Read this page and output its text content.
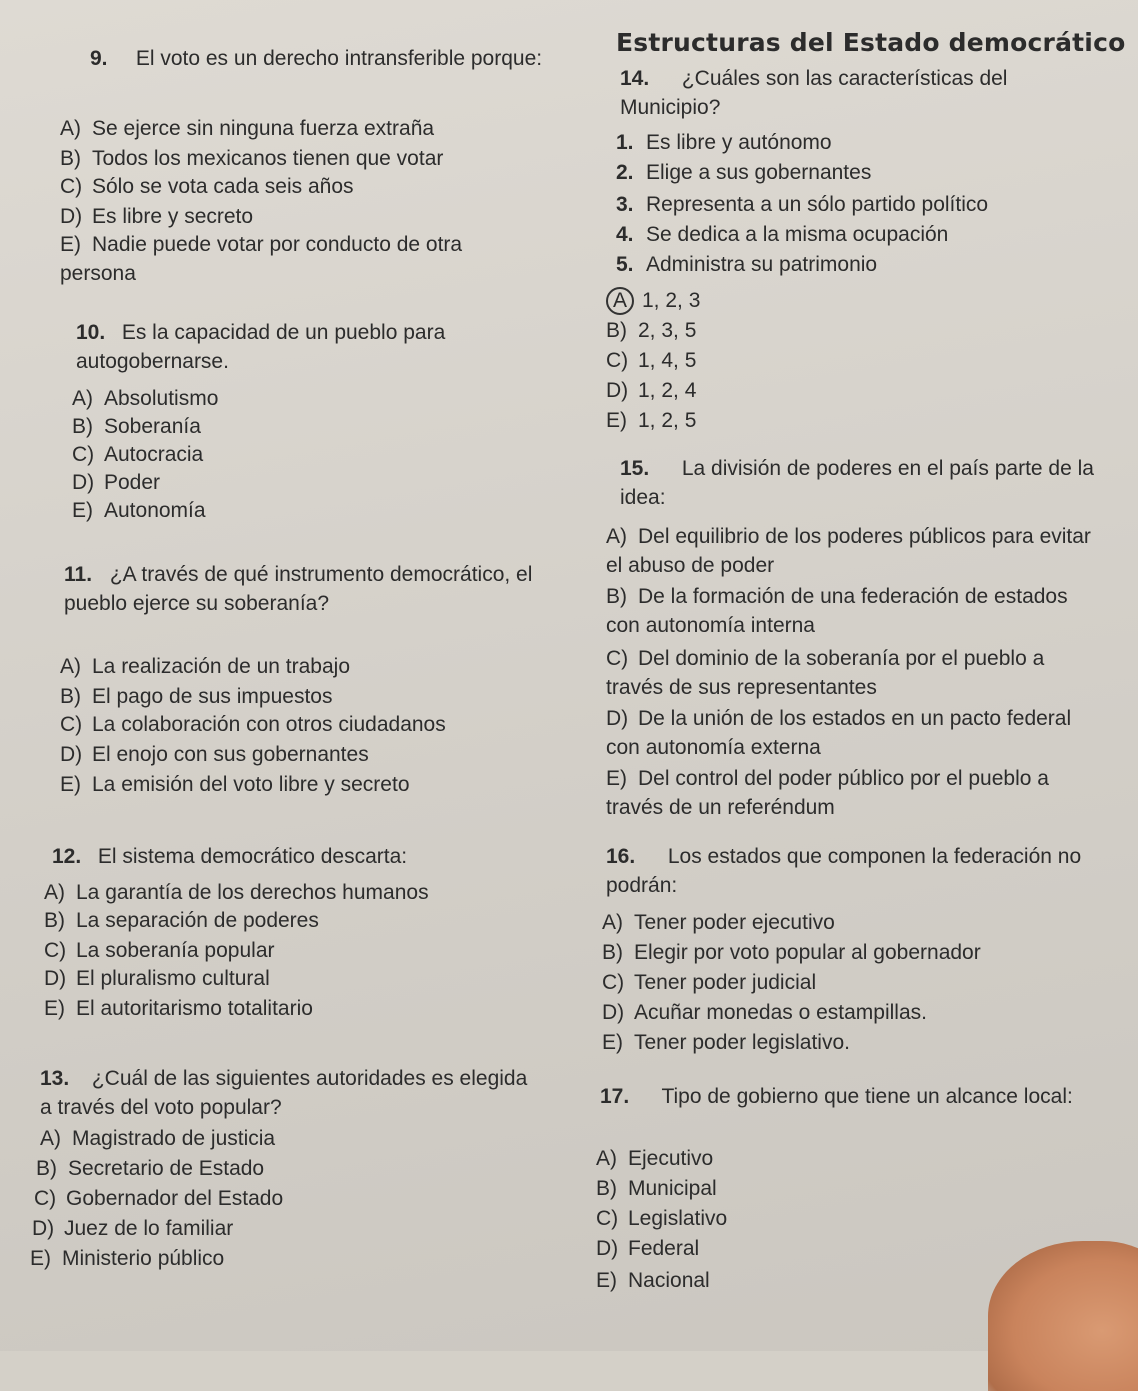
9. El voto es un derecho intransferible porque:
A) Se ejerce sin ninguna fuerza extraña
B) Todos los mexicanos tienen que votar
C) Sólo se vota cada seis años
D) Es libre y secreto
E) Nadie puede votar por conducto de otra persona
10. Es la capacidad de un pueblo para autogobernarse.
A) Absolutismo
B) Soberanía
C) Autocracia
D) Poder
E) Autonomía
11. ¿A través de qué instrumento democrático, el pueblo ejerce su soberanía?
A) La realización de un trabajo
B) El pago de sus impuestos
C) La colaboración con otros ciudadanos
D) El enojo con sus gobernantes
E) La emisión del voto libre y secreto
12. El sistema democrático descarta:
A) La garantía de los derechos humanos
B) La separación de poderes
C) La soberanía popular
D) El pluralismo cultural
E) El autoritarismo totalitario
13. ¿Cuál de las siguientes autoridades es elegida a través del voto popular?
A) Magistrado de justicia
B) Secretario de Estado
C) Gobernador del Estado
D) Juez de lo familiar
E) Ministerio público
Estructuras del Estado democrático
14. ¿Cuáles son las características del Municipio?
1. Es libre y autónomo
2. Elige a sus gobernantes
3. Representa a un sólo partido político
4. Se dedica a la misma ocupación
5. Administra su patrimonio
A 1, 2, 3
B) 2, 3, 5
C) 1, 4, 5
D) 1, 2, 4
E) 1, 2, 5
15. La división de poderes en el país parte de la idea:
A) Del equilibrio de los poderes públicos para evitar el abuso de poder
B) De la formación de una federación de estados con autonomía interna
C) Del dominio de la soberanía por el pueblo a través de sus representantes
D) De la unión de los estados en un pacto federal con autonomía externa
E) Del control del poder público por el pueblo a través de un referéndum
16. Los estados que componen la federación no podrán:
A) Tener poder ejecutivo
B) Elegir por voto popular al gobernador
C) Tener poder judicial
D) Acuñar monedas o estampillas.
E) Tener poder legislativo.
17. Tipo de gobierno que tiene un alcance local:
A) Ejecutivo
B) Municipal
C) Legislativo
D) Federal
E) Nacional
